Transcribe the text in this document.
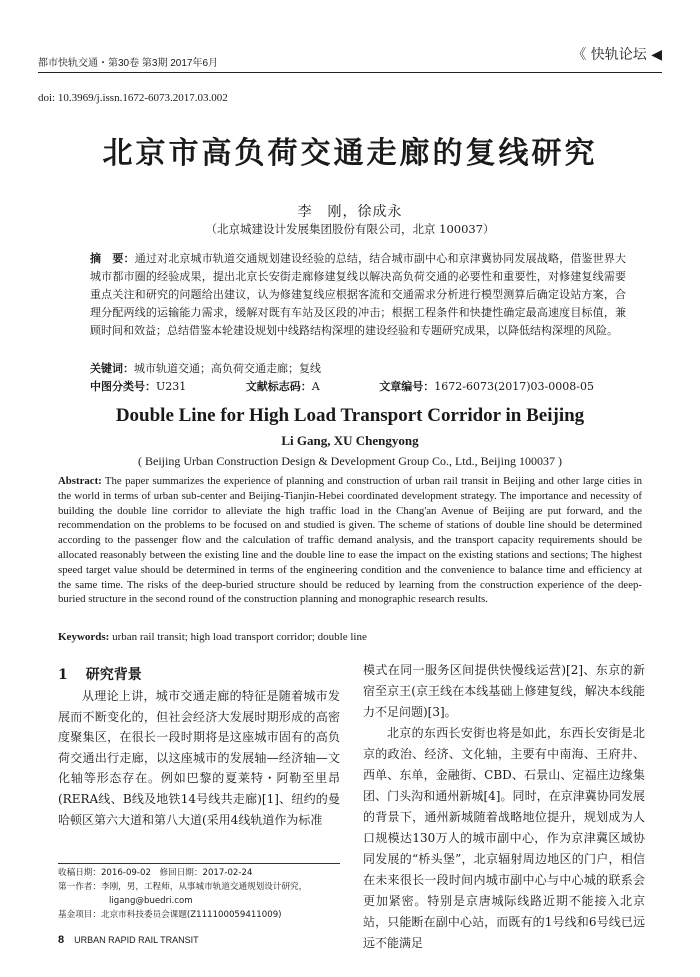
都市快轨交通・第30卷 第3期 2017年6月
《 快轨论坛 ◀
doi: 10.3969/j.issn.1672-6073.2017.03.002
北京市高负荷交通走廊的复线研究
李　刚，徐成永
（北京城建设计发展集团股份有限公司，北京 100037）
摘　要：通过对北京城市轨道交通规划建设经验的总结，结合城市副中心和京津冀协同发展战略，借鉴世界大城市都市圈的经验成果，提出北京长安街走廊修建复线以解决高负荷交通的必要性和重要性，对修建复线需要重点关注和研究的问题给出建议，认为修建复线应根据客流和交通需求分析进行模型测算后确定设站方案，合理分配两线的运输能力需求，缓解对既有车站及区段的冲击；根据工程条件和快捷性确定最高速度目标值，兼顾时间和效益；总结借鉴本轮建设规划中线路结构深埋的建设经验和专题研究成果，以降低结构深埋的风险。
关键词：城市轨道交通；高负荷交通走廊；复线
中图分类号：U231	文献标志码：A	文章编号：1672-6073(2017)03-0008-05
Double Line for High Load Transport Corridor in Beijing
Li Gang, XU Chengyong
( Beijing Urban Construction Design & Development Group Co., Ltd., Beijing 100037 )
Abstract: The paper summarizes the experience of planning and construction of urban rail transit in Beijing and other large cities in the world in terms of urban sub-center and Beijing-Tianjin-Hebei coordinated development strategy. The importance and necessity of building the double line corridor to alleviate the high traffic load in the Chang'an Avenue of Beijing are put forward, and the recommendation on the problems to be focused on and studied is given. The scheme of stations of double line should be determined according to the passenger flow and the calculation of traffic demand analysis, and the transport capacity requirements should be allocated reasonably between the existing line and the double line to ease the impact on the existing stations and sections; The highest speed target value should be determined in terms of the engineering condition and the convenience to balance time and efficiency at the same time. The risks of the deep-buried structure should be reduced by learning from the construction experience of the deep-buried structure in the second round of the construction planning and monographic research results.
Keywords: urban rail transit; high load transport corridor; double line
1 研究背景

从理论上讲，城市交通走廊的特征是随着城市发展而不断变化的，但社会经济大发展时期形成的高密度聚集区，在很长一段时期将是这座城市固有的高负荷交通出行走廊，以这座城市的发展轴—经济轴—文化轴等形态存在。例如巴黎的夏莱特・阿勒至里昂(RERA线、B线及地铁14号线共走廊)[1]、纽约的曼哈顿区第六大道和第八大道(采用4线轨道作为标准

模式在同一服务区间提供快慢线运营)[2]、东京的新宿至京王(京王线在本线基础上修建复线，解决本线能力不足问题)[3]。

北京的东西长安街也将是如此，东西长安街是北京的政治、经济、文化轴，主要有中南海、王府井、西单、东单，金融街、CBD、石景山、定福庄边缘集团、门头沟和通州新城[4]。同时，在京津冀协同发展的背景下，通州新城随着战略地位提升，规划成为人口规模达130万人的城市副中心，作为京津冀区域协同发展的“桥头堡”，北京辐射周边地区的门户，相信在未来很长一段时间内城市副中心与中心城的联系会更加紧密。特别是京唐城际线路近期不能接入北京站，只能断在副中心站，而既有的1号线和6号线已远远不能满足

收稿日期：2016-09-02　修回日期：2017-02-24
第一作者：李刚，男，工程师，从事城市轨道交通规划设计研究，
ligang@buedri.com
基金项目：北京市科技委员会课题(Z111100059411009)
8 URBAN RAPID RAIL TRANSIT
